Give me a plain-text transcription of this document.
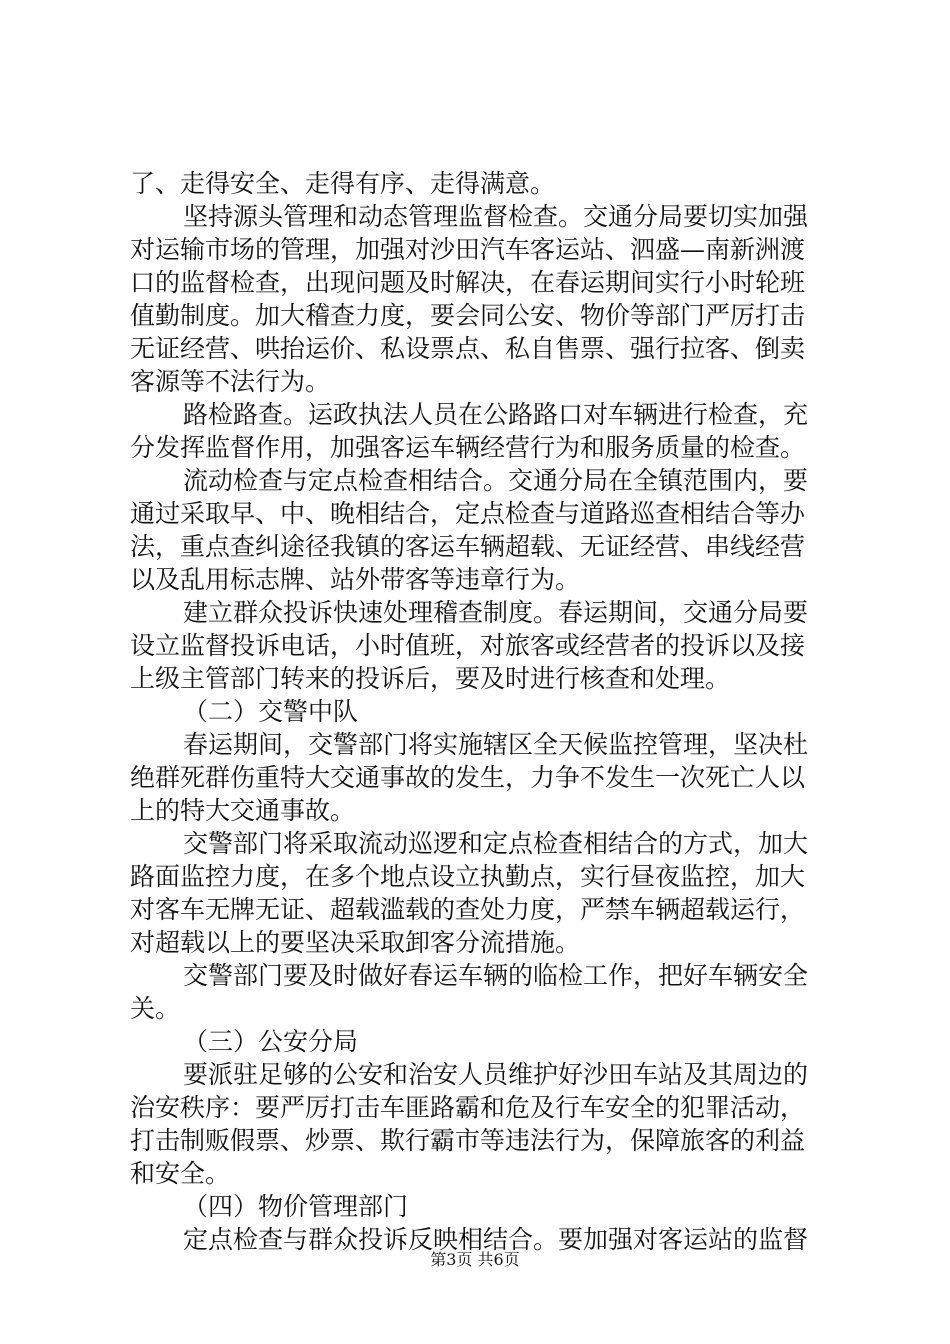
了、走得安全、走得有序、走得满意。
坚持源头管理和动态管理监督检查。交通分局要切实加强
对运输市场的管理，加强对沙田汽车客运站、泗盛—南新洲渡
口的监督检查，出现问题及时解决，在春运期间实行小时轮班
值勤制度。加大稽查力度，要会同公安、物价等部门严厉打击
无证经营、哄抬运价、私设票点、私自售票、强行拉客、倒卖
客源等不法行为。
路检路查。运政执法人员在公路路口对车辆进行检查，充
分发挥监督作用，加强客运车辆经营行为和服务质量的检查。
流动检查与定点检查相结合。交通分局在全镇范围内，要
通过采取早、中、晚相结合，定点检查与道路巡查相结合等办
法，重点查纠途径我镇的客运车辆超载、无证经营、串线经营
以及乱用标志牌、站外带客等违章行为。
建立群众投诉快速处理稽查制度。春运期间，交通分局要
设立监督投诉电话，小时值班，对旅客或经营者的投诉以及接
上级主管部门转来的投诉后，要及时进行核查和处理。
（二）交警中队
春运期间，交警部门将实施辖区全天候监控管理，坚决杜
绝群死群伤重特大交通事故的发生，力争不发生一次死亡人以
上的特大交通事故。
交警部门将采取流动巡逻和定点检查相结合的方式，加大
路面监控力度，在多个地点设立执勤点，实行昼夜监控，加大
对客车无牌无证、超载滥载的查处力度，严禁车辆超载运行，
对超载以上的要坚决采取卸客分流措施。
交警部门要及时做好春运车辆的临检工作，把好车辆安全
关。
（三）公安分局
要派驻足够的公安和治安人员维护好沙田车站及其周边的
治安秩序：要严厉打击车匪路霸和危及行车安全的犯罪活动，
打击制贩假票、炒票、欺行霸市等违法行为，保障旅客的利益
和安全。
（四）物价管理部门
定点检查与群众投诉反映相结合。要加强对客运站的监督
第3页 共6页
